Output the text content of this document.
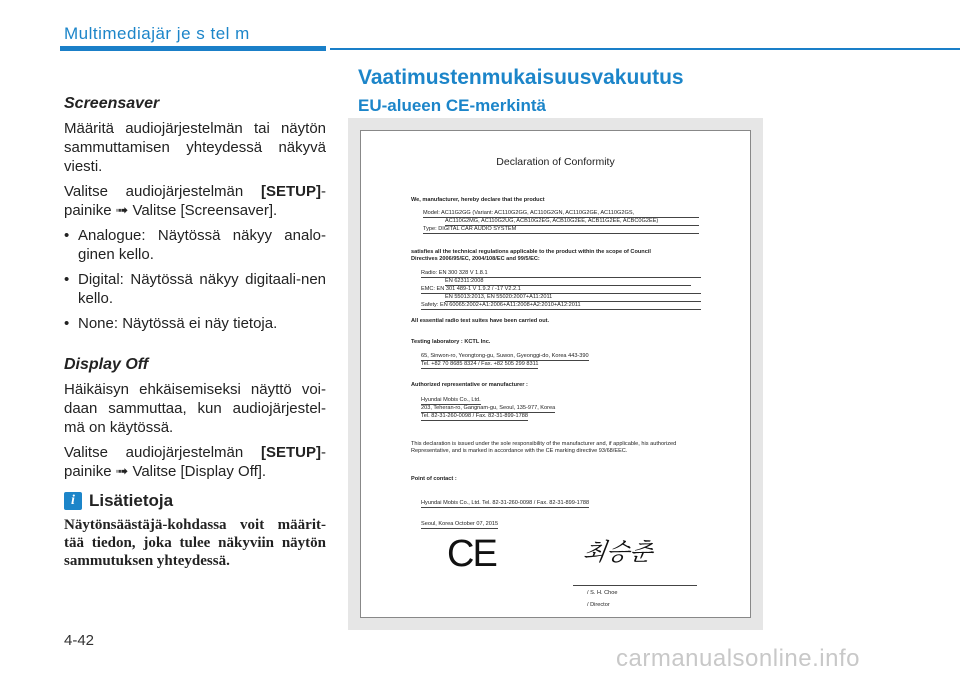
Multimediajär je s tel m
Vaatimustenmukaisuusvakuutus
EU-alueen CE-merkintä
Screensaver

Määritä audiojärjestelmän tai näytön sammuttamisen yhteydessä näkyvä viesti.

Valitse audiojärjestelmän [SETUP]-painike ➟ Valitse [Screensaver].

• Analogue: Näytössä näkyy analo-ginen kello.
• Digital: Näytössä näkyy digitaali-nen kello.
• None: Näytössä ei näy tietoja.
Display Off

Häikäisyn ehkäisemiseksi näyttö voi-daan sammuttaa, kun audiojärjestel-mä on käytössä.

Valitse audiojärjestelmän [SETUP]-painike ➟ Valitse [Display Off].

i Lisätietoja
Näytönsäästäjä-kohdassa voit määrit-tää tiedon, joka tulee näkyviin näytön sammutuksen yhteydessä.
Declaration of Conformity
We, manufacturer, hereby declare that the product
Model: AC11G2GG (Variant: AC110G2GG, AC110G2GN, AC110G2GE, AC110G2GS,
AC110G2MG, AC110G2UG, ACB10G2EG, ACB10G2EE, ACB11G2EE, ACBC0G2EE)
Type: DIGITAL CAR AUDIO SYSTEM
satisfies all the technical regulations applicable to the product within the scope of Council
Directives 2006/95/EC, 2004/108/EC and 99/5/EC:
Radio: EN 300 328 V 1.8.1
EN 62311:2008
EMC: EN 301 489-1 V 1.9.2 / -17 V2.2.1
EN 55013:2013, EN 55020:2007+A11:2011
Safety: EN 60065:2002+A1:2006+A11:2008+A2:2010+A12:2011
All essential radio test suites have been carried out.
Testing laboratory : KCTL Inc.
65, Sinwon-ro, Yeongtong-gu, Suwon, Gyeonggi-do, Korea 443-390
Tel. +82 70 8685 8324 / Fax. +82 505 299 8311
Authorized representative or manufacturer :
Hyundai Mobis Co., Ltd.
203, Teheran-ro, Gangnam-gu, Seoul, 135-977, Korea
Tel. 82-31-260-0098 / Fax. 82-31-899-1788
This declaration is issued under the sole responsibility of the manufacturer and, if applicable, his authorized
Representative, and is marked in accordance with the CE marking directive 93/68/EEC.
Point of contact :
Hyundai Mobis Co., Ltd. Tel. 82-31-260-0098 / Fax. 82-31-899-1788
Seoul, Korea October 07, 2015
CE	최승춘
/ S. H. Choe
/ Director
4-42
carmanualsonline.info
